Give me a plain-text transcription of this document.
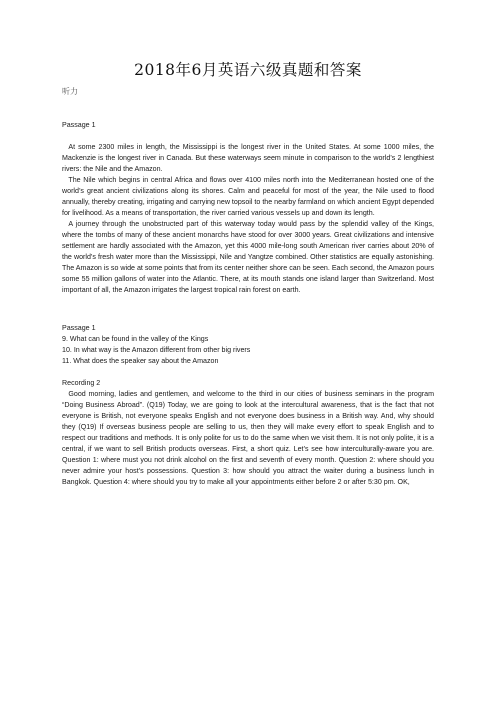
2018年6月英语六级真题和答案
听力

Passage 1

At some 2300 miles in length, the Mississippi is the longest river in the United States. At some 1000 miles, the Mackenzie is the longest river in Canada. But these waterways seem minute in comparison to the world’s 2 lengthiest rivers: the Nile and the Amazon.

The Nile which begins in central Africa and flows over 4100 miles north into the Mediterranean hosted one of the world’s great ancient civilizations along its shores. Calm and peaceful for most of the year, the Nile used to flood annually, thereby creating, irrigating and carrying new topsoil to the nearby farmland on which ancient Egypt depended for livelihood. As a means of transportation, the river carried various vessels up and down its length.

A journey through the unobstructed part of this waterway today would pass by the splendid valley of the Kings, where the tombs of many of these ancient monarchs have stood for over 3000 years. Great civilizations and intensive settlement are hardly associated with the Amazon, yet this 4000 mile-long south American river carries about 20% of the world’s fresh water more than the Mississippi, Nile and Yangtze combined. Other statistics are equally astonishing. The Amazon is so wide at some points that from its center neither shore can be seen. Each second, the Amazon pours some 55 million gallons of water into the Atlantic. There, at its mouth stands one island larger than Switzerland. Most important of all, the Amazon irrigates the largest tropical rain forest on earth.

Passage 1

9. What can be found in the valley of the Kings

10. In what way is the Amazon different from other big rivers

11. What does the speaker say about the Amazon

Recording 2

Good morning, ladies and gentlemen, and welcome to the third in our cities of business seminars in the program “Doing Business Abroad”. (Q19) Today, we are going to look at the intercultural awareness, that is the fact that not everyone is British, not everyone speaks English and not everyone does business in a British way. And, why should they (Q19) If overseas business people are selling to us, then they will make every effort to speak English and to respect our traditions and methods. It is only polite for us to do the same when we visit them. It is not only polite, it is a central, if we want to sell British products overseas. First, a short quiz. Let’s see how interculturally-aware you are. Question 1: where must you not drink alcohol on the first and seventh of every month. Question 2: where should you never admire your host’s possessions. Question 3: how should you attract the waiter during a business lunch in Bangkok. Question 4: where should you try to make all your appointments either before 2 or after 5:30 pm. OK,
